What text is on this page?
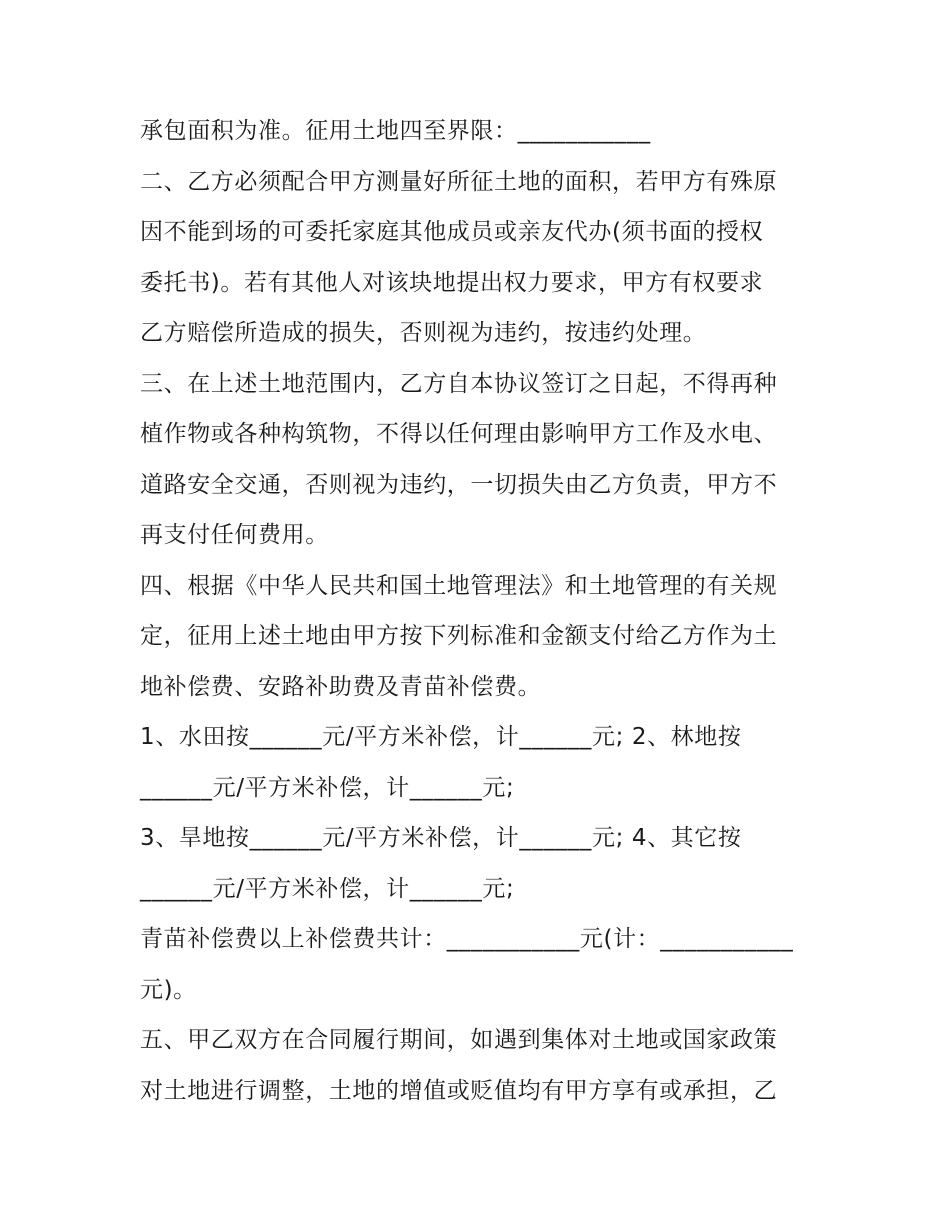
承包面积为准。征用土地四至界限：___________
二、乙方必须配合甲方测量好所征土地的面积，若甲方有殊原
因不能到场的可委托家庭其他成员或亲友代办(须书面的授权
委托书)。若有其他人对该块地提出权力要求，甲方有权要求
乙方赔偿所造成的损失，否则视为违约，按违约处理。
三、在上述土地范围内，乙方自本协议签订之日起，不得再种
植作物或各种构筑物，不得以任何理由影响甲方工作及水电、
道路安全交通，否则视为违约，一切损失由乙方负责，甲方不
再支付任何费用。
四、根据《中华人民共和国土地管理法》和土地管理的有关规
定，征用上述土地由甲方按下列标准和金额支付给乙方作为土
地补偿费、安路补助费及青苗补偿费。
1、水田按______元/平方米补偿，计______元; 2、林地按
______元/平方米补偿，计______元;
3、旱地按______元/平方米补偿，计______元; 4、其它按
______元/平方米补偿，计______元;
青苗补偿费以上补偿费共计：___________元(计：___________
元)。
五、甲乙双方在合同履行期间，如遇到集体对土地或国家政策
对土地进行调整，土地的增值或贬值均有甲方享有或承担，乙
